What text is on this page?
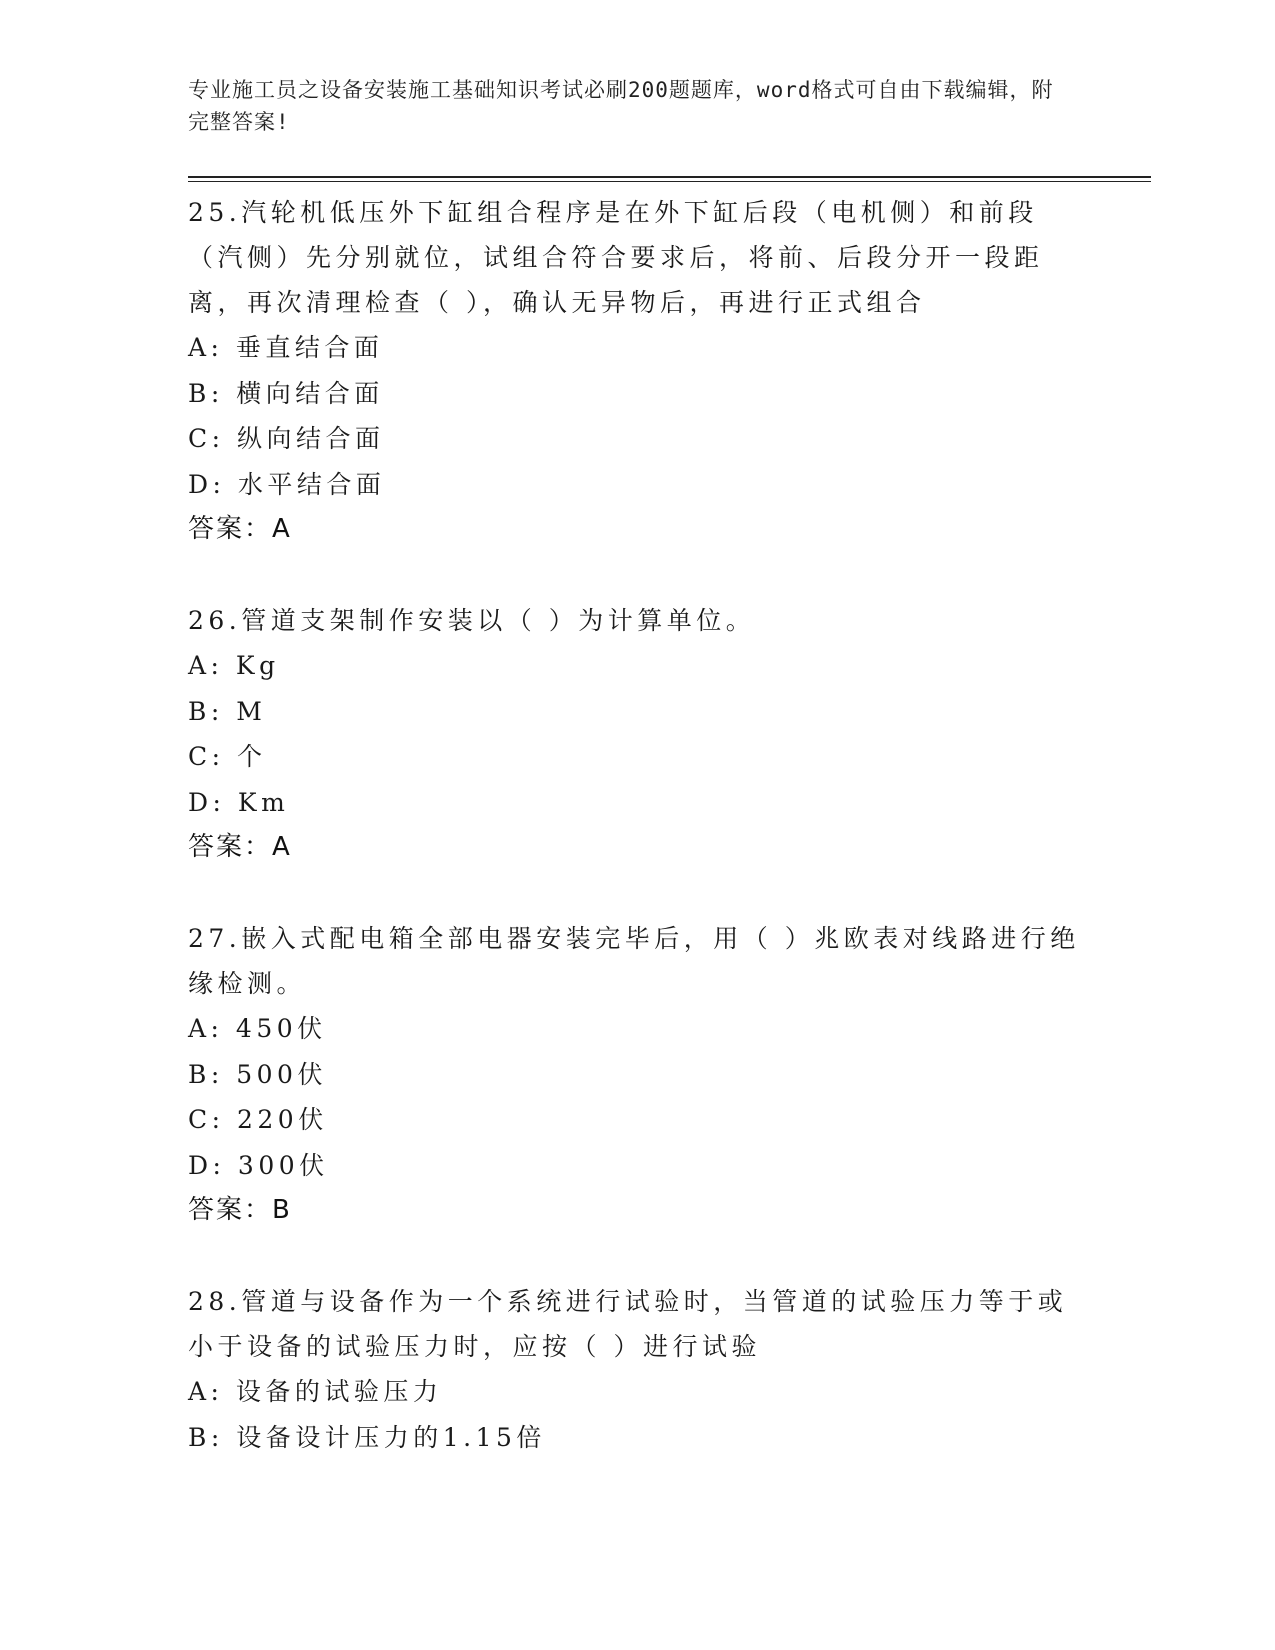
专业施工员之设备安装施工基础知识考试必刷200题题库，word格式可自由下载编辑，附完整答案!

25.汽轮机低压外下缸组合程序是在外下缸后段（电机侧）和前段（汽侧）先分别就位，试组合符合要求后，将前、后段分开一段距离，再次清理检查（ ），确认无异物后，再进行正式组合

A: 垂直结合面

B: 横向结合面

C: 纵向结合面

D: 水平结合面

答案：A

26.管道支架制作安装以（ ）为计算单位。

A: Kg

B: M

C: 个

D: Km

答案：A

27.嵌入式配电箱全部电器安装完毕后，用（ ）兆欧表对线路进行绝缘检测。

A: 450伏

B: 500伏

C: 220伏

D: 300伏

答案：B

28.管道与设备作为一个系统进行试验时，当管道的试验压力等于或小于设备的试验压力时，应按（ ）进行试验

A: 设备的试验压力

B: 设备设计压力的1.15倍
